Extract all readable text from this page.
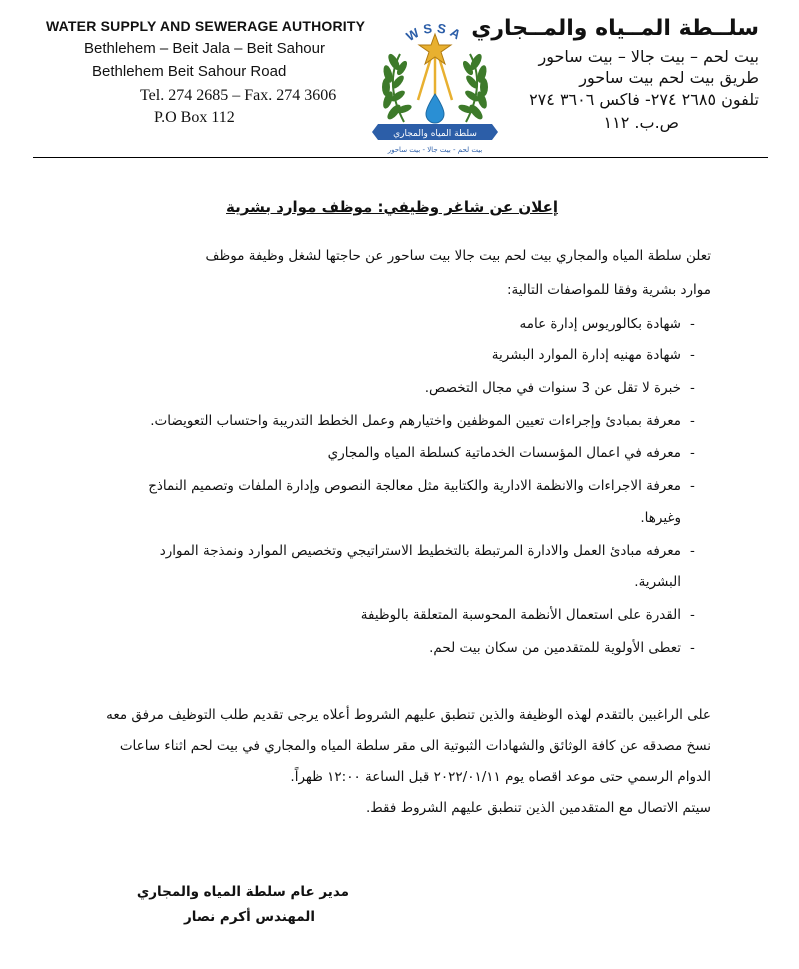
WATER SUPPLY AND SEWERAGE AUTHORITY
Bethlehem – Beit Jala – Beit Sahour
Bethlehem Beit Sahour Road
Tel. 274 2685 – Fax. 274 3606
P.O Box 112
WSSA
سلطة المياه والمجاري
بيت لحم - بيت جالا - بيت ساحور
سلــطة المــياه والمــجاري
بيت لحم – بيت جالا – بيت ساحور
طريق بيت لحم بيت ساحور
تلفون ٢٦٨٥ ٢٧٤- فاكس ٣٦٠٦ ٢٧٤
ص.ب. ١١٢
إعلان عن شاغر وظيفي: موظف موارد بشرية
تعلن سلطة المياه والمجاري بيت لحم بيت جالا بيت ساحور عن حاجتها لشغل وظيفة موظف
موارد بشرية وفقا للمواصفات التالية:
-
شهادة بكالوريوس إدارة عامه
-
شهادة مهنيه إدارة الموارد البشرية
-
خبرة لا تقل عن 3 سنوات في مجال التخصص.
-
معرفة بمبادئ وإجراءات تعيين الموظفين واختيارهم وعمل الخطط التدريبة واحتساب التعويضات.
-
معرفه في اعمال المؤسسات الخدماتية كسلطة المياه والمجاري
-
معرفة الاجراءات والانظمة الادارية والكتابية مثل معالجة النصوص وإدارة الملفات وتصميم النماذج
وغيرها.
-
معرفه مبادئ العمل والادارة المرتبطة بالتخطيط الاستراتيجي وتخصيص الموارد ونمذجة الموارد
البشرية.
-
القدرة على استعمال الأنظمة المحوسبة المتعلقة بالوظيفة
-
تعطى الأولوية للمتقدمين من سكان بيت لحم.
على الراغبين بالتقدم لهذه الوظيفة والذين تنطبق عليهم الشروط أعلاه يرجى تقديم طلب التوظيف مرفق معه
نسخ مصدقه عن كافة الوثائق والشهادات الثبوتية الى مقر سلطة المياه والمجاري في بيت لحم اثناء ساعات
الدوام الرسمي حتى موعد اقصاه يوم ٢٠٢٢/٠١/١١ قبل الساعة ١٢:٠٠ ظهراً.
سيتم الاتصال مع المتقدمين الذين تنطبق عليهم الشروط فقط.
مدير عام سلطة المياه والمجاري
المهندس أكرم نصار
